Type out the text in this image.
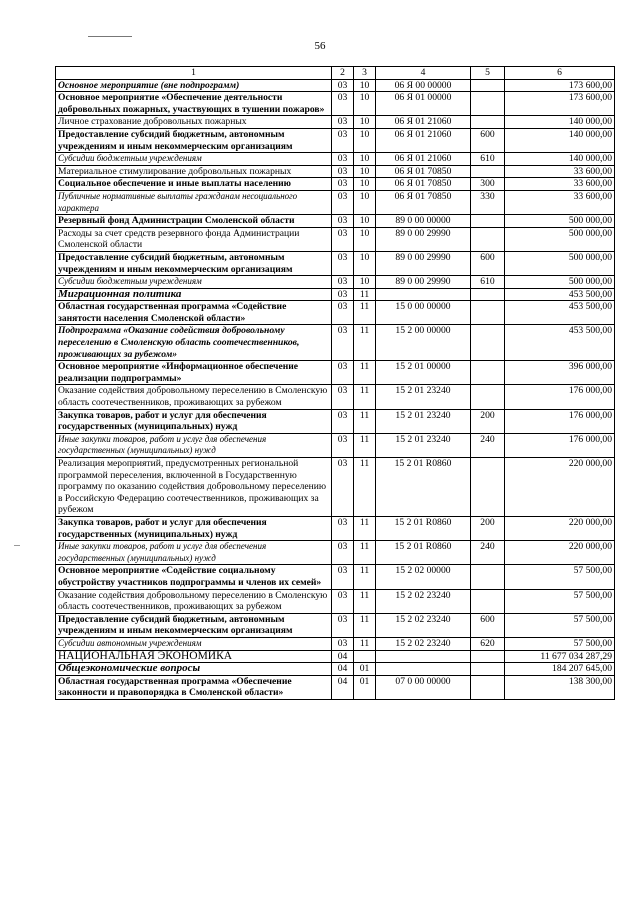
56
1	2	3	4	5	6
Основное мероприятие (вне подпрограмм)	03	10	06 Я 00 00000		173 600,00
Основное мероприятие «Обеспечение деятельности добровольных пожарных, участвующих в тушении пожаров»	03	10	06 Я 01 00000		173 600,00
Личное страхование добровольных пожарных	03	10	06 Я 01 21060		140 000,00
Предоставление субсидий бюджетным, автономным учреждениям и иным некоммерческим организациям	03	10	06 Я 01 21060	600	140 000,00
Субсидии бюджетным учреждениям	03	10	06 Я 01 21060	610	140 000,00
Материальное стимулирование добровольных пожарных	03	10	06 Я 01 70850		33 600,00
Социальное обеспечение и иные выплаты населению	03	10	06 Я 01 70850	300	33 600,00
Публичные нормативные выплаты гражданам несоциального характера	03	10	06 Я 01 70850	330	33 600,00
Резервный фонд Администрации Смоленской области	03	10	89 0 00 00000		500 000,00
Расходы за счет средств резервного фонда Администрации Смоленской области	03	10	89 0 00 29990		500 000,00
Предоставление субсидий бюджетным, автономным учреждениям и иным некоммерческим организациям	03	10	89 0 00 29990	600	500 000,00
Субсидии бюджетным учреждениям	03	10	89 0 00 29990	610	500 000,00
Миграционная политика	03	11			453 500,00
Областная государственная программа «Содействие занятости населения Смоленской области»	03	11	15 0 00 00000		453 500,00
Подпрограмма «Оказание содействия добровольному переселению в Смоленскую область соотечественников, проживающих за рубежом»	03	11	15 2 00 00000		453 500,00
Основное мероприятие «Информационное обеспечение реализации подпрограммы»	03	11	15 2 01 00000		396 000,00
Оказание содействия добровольному переселению в Смоленскую область соотечественников, проживающих за рубежом	03	11	15 2 01 23240		176 000,00
Закупка товаров, работ и услуг для обеспечения государственных (муниципальных) нужд	03	11	15 2 01 23240	200	176 000,00
Иные закупки товаров, работ и услуг для обеспечения государственных (муниципальных) нужд	03	11	15 2 01 23240	240	176 000,00
Реализация мероприятий, предусмотренных региональной программой переселения, включенной в Государственную программу по оказанию содействия добровольному переселению в Российскую Федерацию соотечественников, проживающих за рубежом	03	11	15 2 01 R0860		220 000,00
Закупка товаров, работ и услуг для обеспечения государственных (муниципальных) нужд	03	11	15 2 01 R0860	200	220 000,00
Иные закупки товаров, работ и услуг для обеспечения государственных (муниципальных) нужд	03	11	15 2 01 R0860	240	220 000,00
Основное мероприятие «Содействие социальному обустройству участников подпрограммы и членов их семей»	03	11	15 2 02 00000		57 500,00
Оказание содействия добровольному переселению в Смоленскую область соотечественников, проживающих за рубежом	03	11	15 2 02 23240		57 500,00
Предоставление субсидий бюджетным, автономным учреждениям и иным некоммерческим организациям	03	11	15 2 02 23240	600	57 500,00
Субсидии автономным учреждениям	03	11	15 2 02 23240	620	57 500,00
НАЦИОНАЛЬНАЯ ЭКОНОМИКА	04				11 677 034 287,29
Общеэкономические вопросы	04	01			184 207 645,00
Областная государственная программа «Обеспечение законности и правопорядка в Смоленской области»	04	01	07 0 00 00000		138 300,00
